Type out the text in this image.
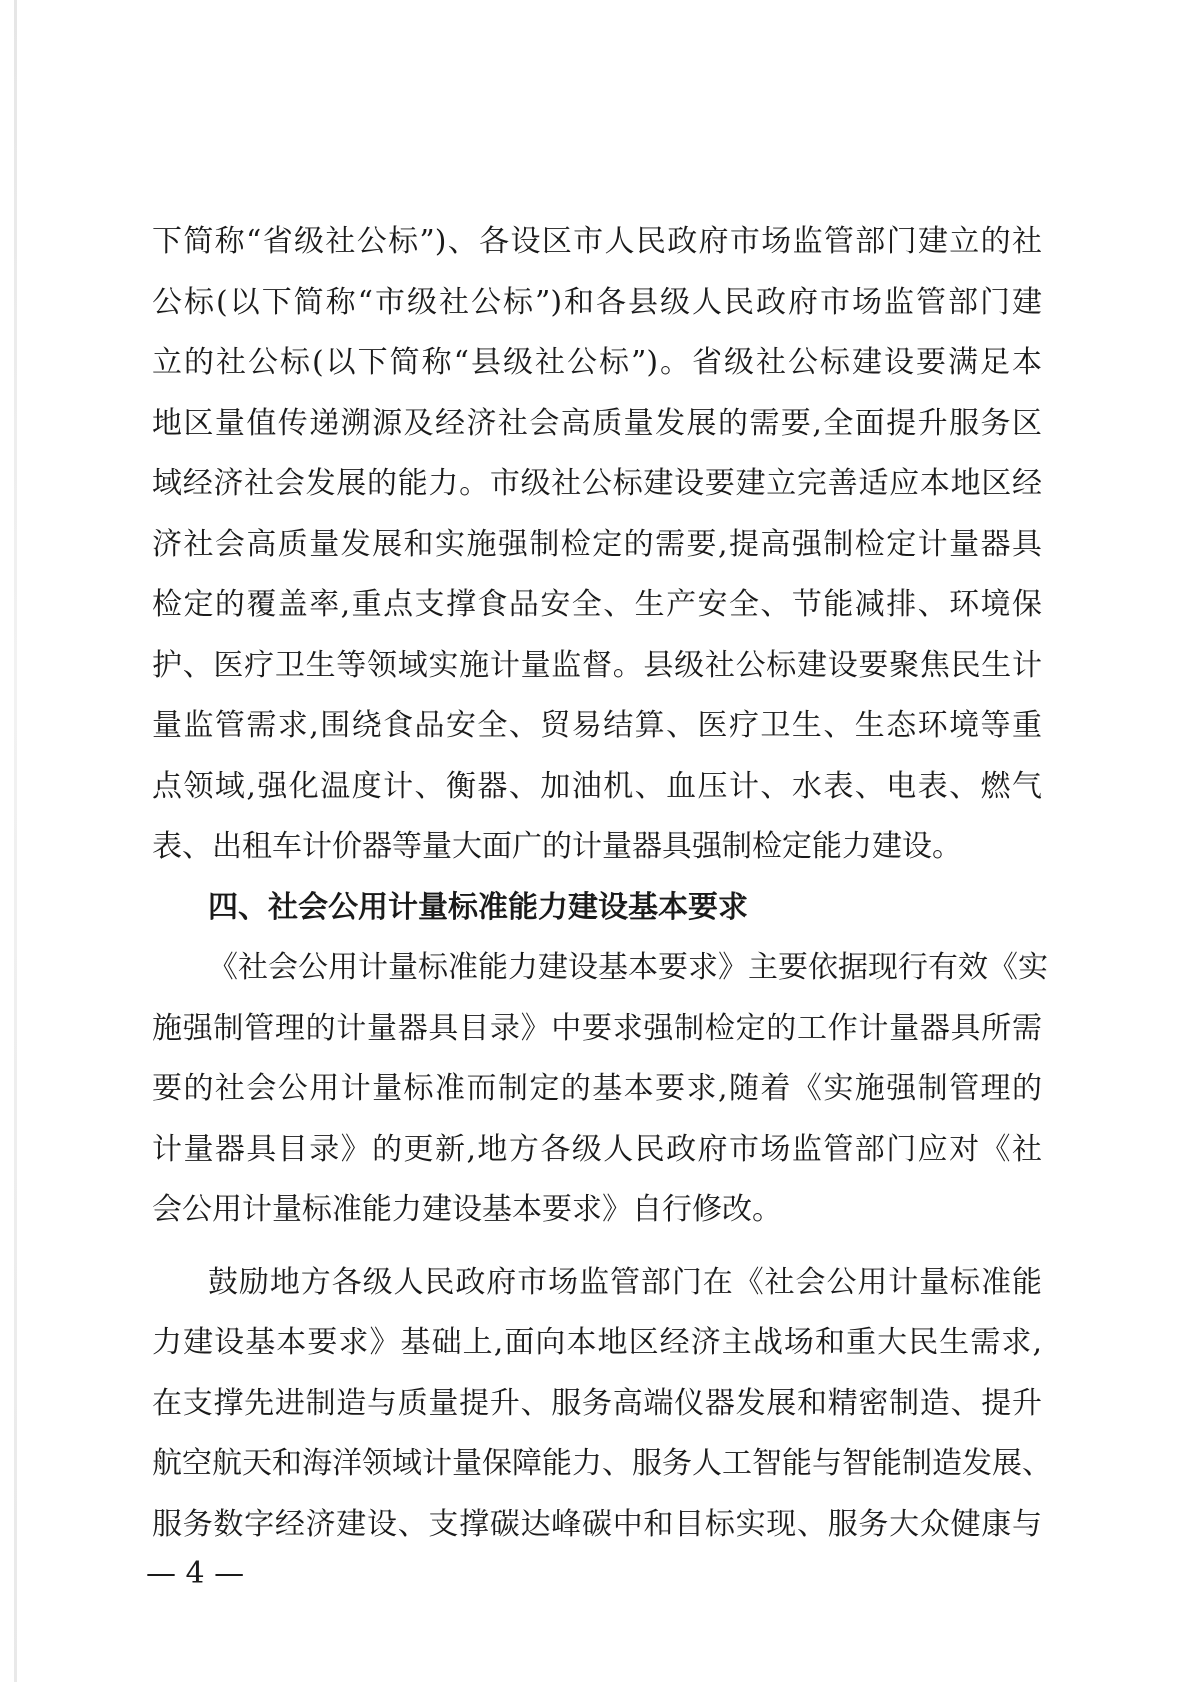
下简称“省级社公标”)、各设区市人民政府市场监管部门建立的社
公标(以下简称“市级社公标”)和各县级人民政府市场监管部门建
立的社公标(以下简称“县级社公标”)。省级社公标建设要满足本
地区量值传递溯源及经济社会高质量发展的需要,全面提升服务区
域经济社会发展的能力。市级社公标建设要建立完善适应本地区经
济社会高质量发展和实施强制检定的需要,提高强制检定计量器具
检定的覆盖率,重点支撑食品安全、生产安全、节能减排、环境保
护、医疗卫生等领域实施计量监督。县级社公标建设要聚焦民生计
量监管需求,围绕食品安全、贸易结算、医疗卫生、生态环境等重
点领域,强化温度计、衡器、加油机、血压计、水表、电表、燃气
表、出租车计价器等量大面广的计量器具强制检定能力建设。
四、社会公用计量标准能力建设基本要求
《社会公用计量标准能力建设基本要求》主要依据现行有效《实
施强制管理的计量器具目录》中要求强制检定的工作计量器具所需
要的社会公用计量标准而制定的基本要求,随着《实施强制管理的
计量器具目录》的更新,地方各级人民政府市场监管部门应对《社
会公用计量标准能力建设基本要求》自行修改。
鼓励地方各级人民政府市场监管部门在《社会公用计量标准能
力建设基本要求》基础上,面向本地区经济主战场和重大民生需求,
在支撑先进制造与质量提升、服务高端仪器发展和精密制造、提升
航空航天和海洋领域计量保障能力、服务人工智能与智能制造发展、
服务数字经济建设、支撑碳达峰碳中和目标实现、服务大众健康与
— 4 —
